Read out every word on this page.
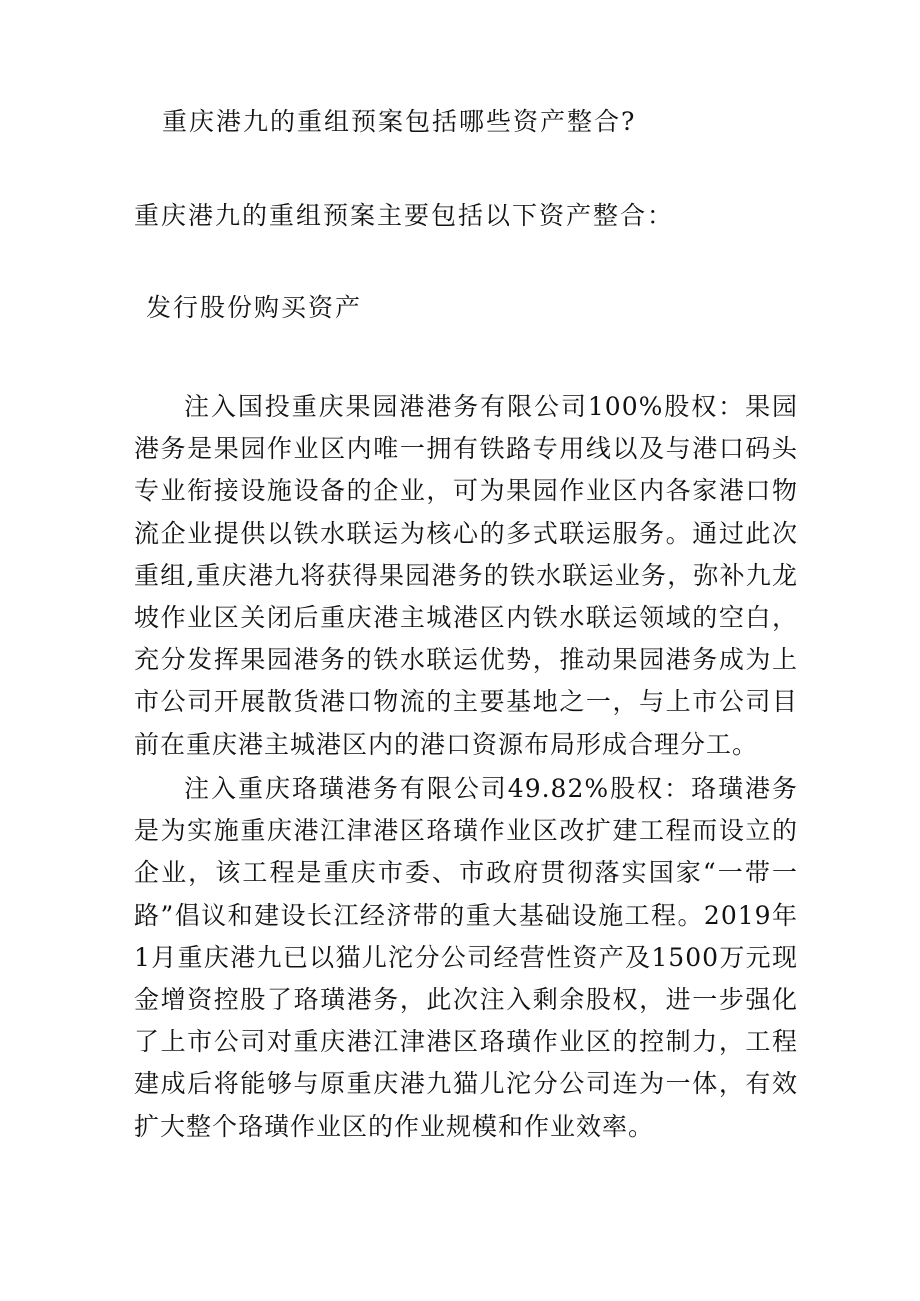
重庆港九的重组预案包括哪些资产整合?
重庆港九的重组预案主要包括以下资产整合：
发行股份购买资产

注入国投重庆果园港港务有限公司100%股权：果园港务是果园作业区内唯一拥有铁路专用线以及与港口码头专业衔接设施设备的企业，可为果园作业区内各家港口物流企业提供以铁水联运为核心的多式联运服务。通过此次重组,重庆港九将获得果园港务的铁水联运业务，弥补九龙坡作业区关闭后重庆港主城港区内铁水联运领域的空白，充分发挥果园港务的铁水联运优势，推动果园港务成为上市公司开展散货港口物流的主要基地之一，与上市公司目前在重庆港主城港区内的港口资源布局形成合理分工。

注入重庆珞璜港务有限公司49.82%股权：珞璜港务是为实施重庆港江津港区珞璜作业区改扩建工程而设立的企业，该工程是重庆市委、市政府贯彻落实国家“一带一路”倡议和建设长江经济带的重大基础设施工程。2019年1月重庆港九已以猫儿沱分公司经营性资产及1500万元现金增资控股了珞璜港务，此次注入剩余股权，进一步强化了上市公司对重庆港江津港区珞璜作业区的控制力，工程建成后将能够与原重庆港九猫儿沱分公司连为一体，有效扩大整个珞璜作业区的作业规模和作业效率。
